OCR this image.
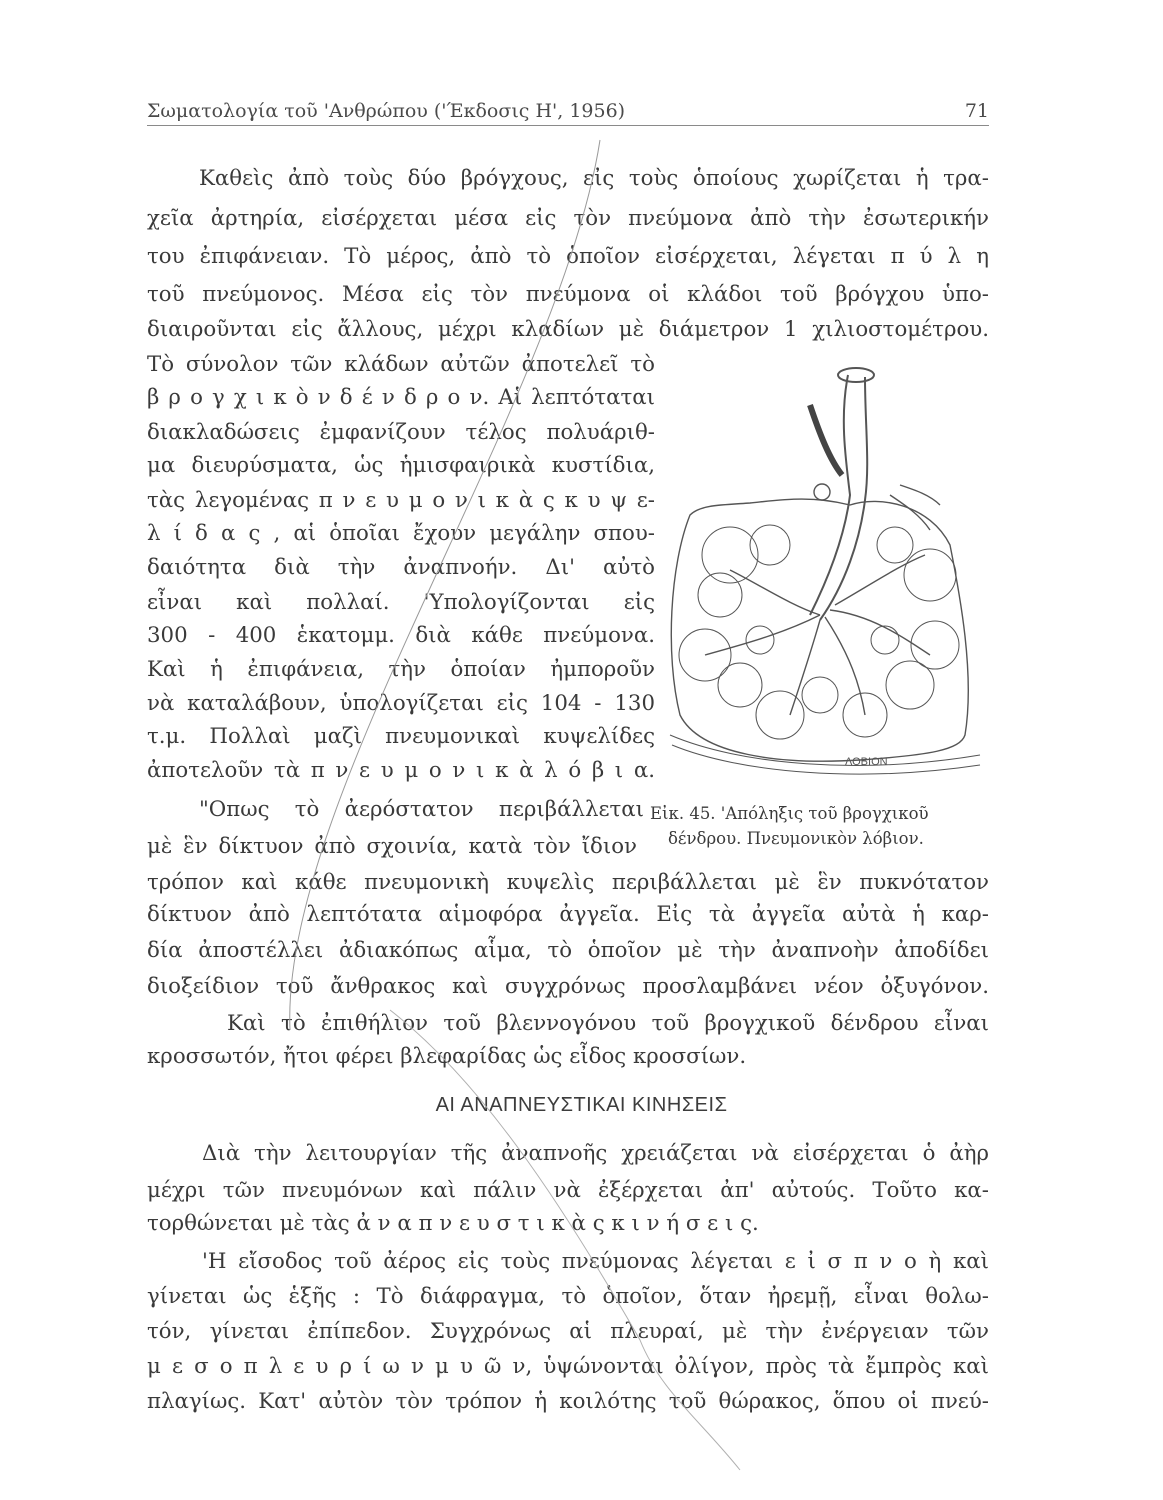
Σωματολογία τοῦ 'Ανθρώπου ('Έκδοσις Η', 1956)	71
Καθεὶς ἀπὸ τοὺς δύο βρόγχους, εἰς τοὺς ὁποίους χωρίζεται ἡ τρα-
χεῖα ἀρτηρία, εἰσέρχεται μέσα εἰς τὸν πνεύμονα ἀπὸ τὴν ἐσωτερικήν
του ἐπιφάνειαν. Τὸ μέρος, ἀπὸ τὸ ὁποῖον εἰσέρχεται, λέγεται π ύ λ η
τοῦ πνεύμονος. Μέσα εἰς τὸν πνεύμονα οἱ κλάδοι τοῦ βρόγχου ὑπο-
διαιροῦνται εἰς ἄλλους, μέχρι κλαδίων μὲ διάμετρον 1 χιλιοστομέτρου.
Τὸ σύνολον τῶν κλάδων αὐτῶν ἀποτελεῖ τὸ
β ρ ο γ χ ι κ ὸ ν δ έ ν δ ρ ο ν. Αἱ λεπτόταται
διακλαδώσεις ἐμφανίζουν τέλος πολυάριθ-
μα διευρύσματα, ὡς ἡμισφαιρικὰ κυστίδια,
τὰς λεγομένας π ν ε υ μ ο ν ι κ ὰ ς κ υ ψ ε-
λ ί δ α ς , αἱ ὁποῖαι ἔχουν μεγάλην σπου-
δαιότητα διὰ τὴν ἀναπνοήν. Δι' αὐτὸ
εἶναι καὶ πολλαί. 'Υπολογίζονται εἰς
300 - 400 ἑκατομμ. διὰ κάθε πνεύμονα.
Καὶ ἡ ἐπιφάνεια, τὴν ὁποίαν ἠμποροῦν
νὰ καταλάβουν, ὑπολογίζεται εἰς 104 - 130
τ.μ. Πολλαὶ μαζὶ πνευμονικαὶ κυψελίδες
ἀποτελοῦν τὰ π ν ε υ μ ο ν ι κ ὰ λ ό β ι α.
"Οπως τὸ ἀερόστατον περιβάλλεται
μὲ ἓν δίκτυον ἀπὸ σχοινία, κατὰ τὸν ἴδιον
Εἰκ. 45. 'Απόληξις τοῦ βρογχικοῦ
δένδρου. Πνευμονικὸν λόβιον.
τρόπον καὶ κάθε πνευμονικὴ κυψελὶς περιβάλλεται μὲ ἓν πυκνότατον
δίκτυον ἀπὸ λεπτότατα αἱμοφόρα ἀγγεῖα. Εἰς τὰ ἀγγεῖα αὐτὰ ἡ καρ-
δία ἀποστέλλει ἀδιακόπως αἷμα, τὸ ὁποῖον μὲ τὴν ἀναπνοὴν ἀποδίδει
διοξείδιον τοῦ ἄνθρακος καὶ συγχρόνως προσλαμβάνει νέον ὀξυγόνον.
Καὶ τὸ ἐπιθήλιον τοῦ βλεννογόνου τοῦ βρογχικοῦ δένδρου εἶναι
κροσσωτόν, ἤτοι φέρει βλεφαρίδας ὡς εἶδος κροσσίων.
ΑΙ ΑΝΑΠΝΕΥΣΤΙΚΑΙ ΚΙΝΗΣΕΙΣ
Διὰ τὴν λειτουργίαν τῆς ἀναπνοῆς χρειάζεται νὰ εἰσέρχεται ὁ ἀὴρ
μέχρι τῶν πνευμόνων καὶ πάλιν νὰ ἐξέρχεται ἀπ' αὐτούς. Τοῦτο κα-
τορθώνεται μὲ τὰς ἀ ν α π ν ε υ σ τ ι κ ὰ ς κ ι ν ή σ ε ι ς.
'Η εἴσοδος τοῦ ἀέρος εἰς τοὺς πνεύμονας λέγεται ε ἰ σ π ν ο ὴ καὶ
γίνεται ὡς ἑξῆς : Τὸ διάφραγμα, τὸ ὁποῖον, ὅταν ἠρεμῇ, εἶναι θολω-
τόν, γίνεται ἐπίπεδον. Συγχρόνως αἱ πλευραί, μὲ τὴν ἐνέργειαν τῶν
μ ε σ ο π λ ε υ ρ ί ω ν μ υ ῶ ν, ὑψώνονται ὀλίγον, πρὸς τὰ ἔμπρὸς καὶ
πλαγίως. Κατ' αὐτὸν τὸν τρόπον ἡ κοιλότης τοῦ θώρακος, ὅπου οἱ πνεύ-
ΛΟΒΙΟΝ
